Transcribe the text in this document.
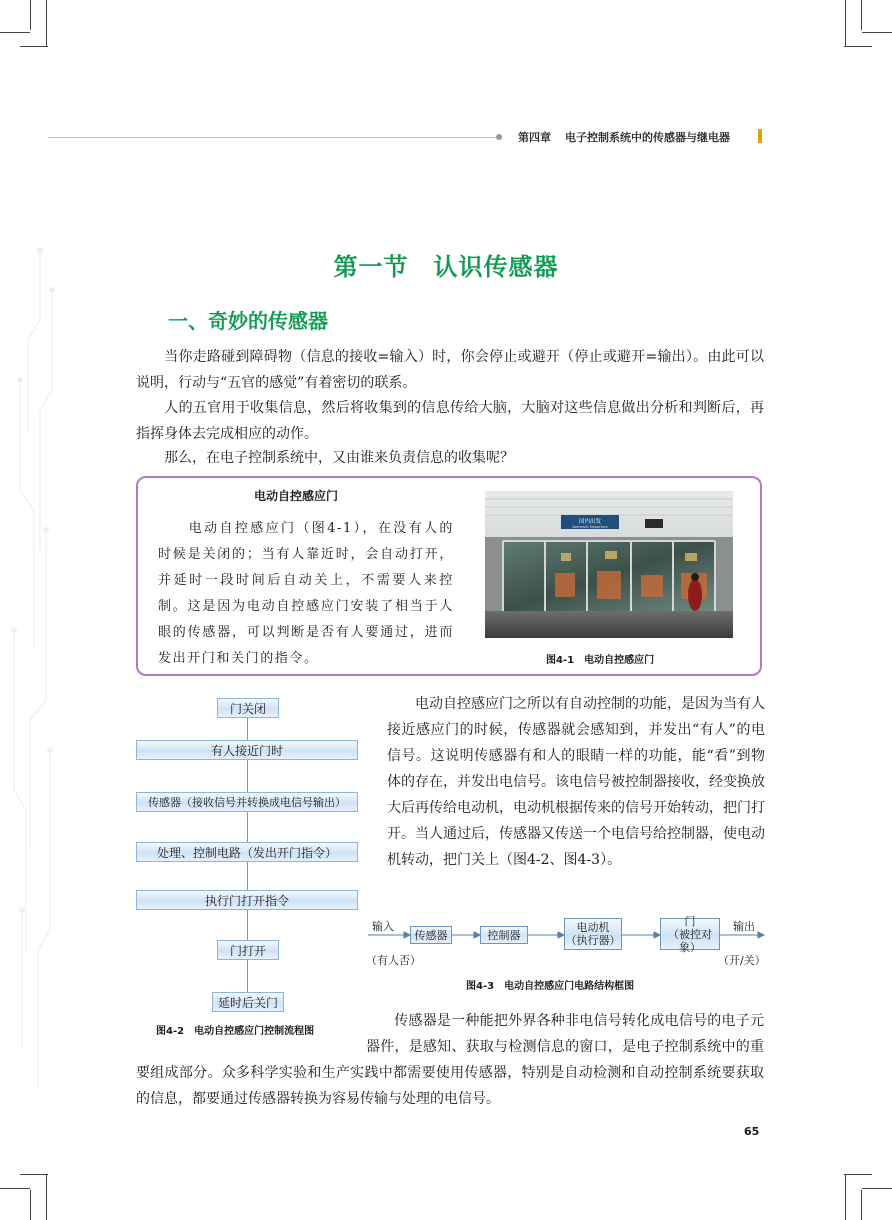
第四章 电子控制系统中的传感器与继电器
第一节　认识传感器
一、奇妙的传感器
当你走路碰到障碍物（信息的接收=输入）时，你会停止或避开（停止或避开=输出）。由此可以说明，行动与“五官的感觉”有着密切的联系。
人的五官用于收集信息，然后将收集到的信息传给大脑，大脑对这些信息做出分析和判断后，再指挥身体去完成相应的动作。
那么，在电子控制系统中，又由谁来负责信息的收集呢？
电动自控感应门
电动自控感应门（图4-1），在没有人的时候是关闭的；当有人靠近时，会自动打开，并延时一段时间后自动关上，不需要人来控制。这是因为电动自控感应门安装了相当于人眼的传感器，可以判断是否有人要通过，进而发出开门和关门的指令。
国内出发
Domestic Departure
图4-1　电动自控感应门
门关闭
有人接近门时
传感器（接收信号并转换成电信号输出）
处理、控制电路（发出开门指令）
执行门打开指令
门打开
延时后关门
图4-2　电动自控感应门控制流程图
电动自控感应门之所以有自动控制的功能，是因为当有人接近感应门的时候，传感器就会感知到，并发出“有人”的电信号。这说明传感器有和人的眼睛一样的功能，能“看”到物体的存在，并发出电信号。该电信号被控制器接收，经变换放大后再传给电动机，电动机根据传来的信号开始转动，把门打开。当人通过后，传感器又传送一个电信号给控制器，使电动机转动，把门关上（图4-2、图4-3）。
输入	输出
传感器	控制器
电动机
（执行器）
门
（被控对象）
（有人否）	（开/关）
图4-3　电动自控感应门电路结构框图
传感器是一种能把外界各种非电信号转化成电信号的电子元器件，是感知、获取与检测信息的窗口，是电子控制系统中的重要组成部分。众多科学实验和生产实践中都需要使用传感器，特别是自动检测和自动控制系统要获取的信息，都要通过传感器转换为容易传输与处理的电信号。
65
